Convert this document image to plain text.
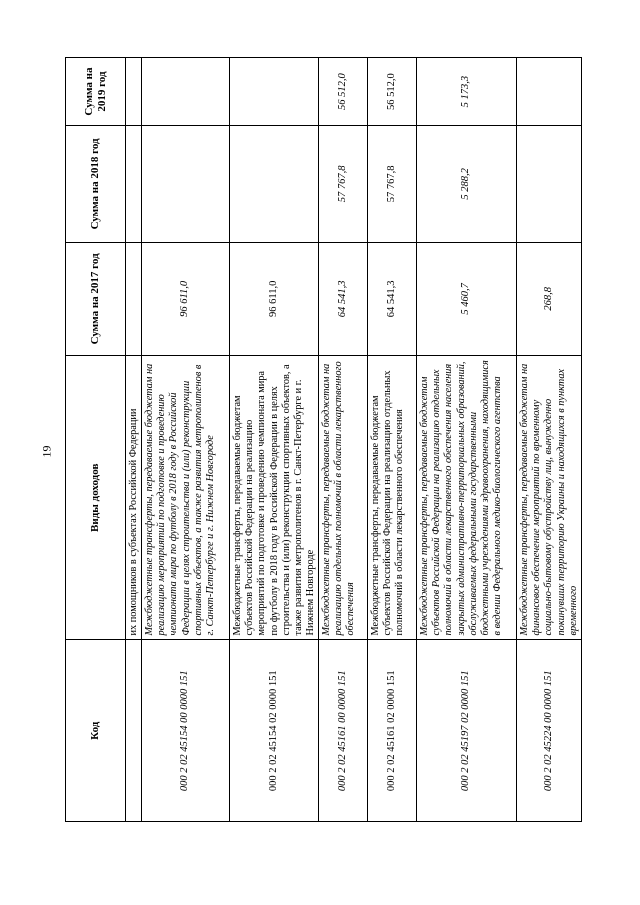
19
Код	Виды доходов	Сумма на 2017 год	Сумма на 2018 год	Сумма на 2019 год
	их помощников в субъектах Российской Федерации			
000 2 02 45154 00 0000 151	Межбюджетные трансферты, передаваемые бюджетам на реализацию мероприятий по подготовке и проведению чемпионата мира по футболу в 2018 году в Российской Федерации в целях строительства и (или) реконструкции спортивных объектов, а также развития метрополитенов в г. Санкт-Петербурге и г. Нижнем Новгороде	96 611,0		
000 2 02 45154 02 0000 151	Межбюджетные трансферты, передаваемые бюджетам субъектов Российской Федерации на реализацию мероприятий по подготовке и проведению чемпионата мира по футболу в 2018 году в Российской Федерации в целях строительства и (или) реконструкции спортивных объектов, а также развития метрополитенов в г. Санкт-Петербурге и г. Нижнем Новгороде	96 611,0		
000 2 02 45161 00 0000 151	Межбюджетные трансферты, передаваемые бюджетам на реализацию отдельных полномочий в области лекарственного обеспечения	64 541,3	57 767,8	56 512,0
000 2 02 45161 02 0000 151	Межбюджетные трансферты, передаваемые бюджетам субъектов Российской Федерации на реализацию отдельных полномочий в области лекарственного обеспечения	64 541,3	57 767,8	56 512,0
000 2 02 45197 02 0000 151	Межбюджетные трансферты, передаваемые бюджетам субъектов Российской Федерации на реализацию отдельных полномочий в области лекарственного обеспечения населения закрытых административно-территориальных образований, обслуживаемых федеральными государственными бюджетными учреждениями здравоохранения, находящимися в ведении Федерального медико-биологического агентства	5 460,7	5 288,2	5 173,3
000 2 02 45224 00 0000 151	Межбюджетные трансферты, передаваемые бюджетам на финансовое обеспечение мероприятий по временному социально-бытовому обустройству лиц, вынужденно покинувших территорию Украины и находящихся в пунктах временного	268,8		
